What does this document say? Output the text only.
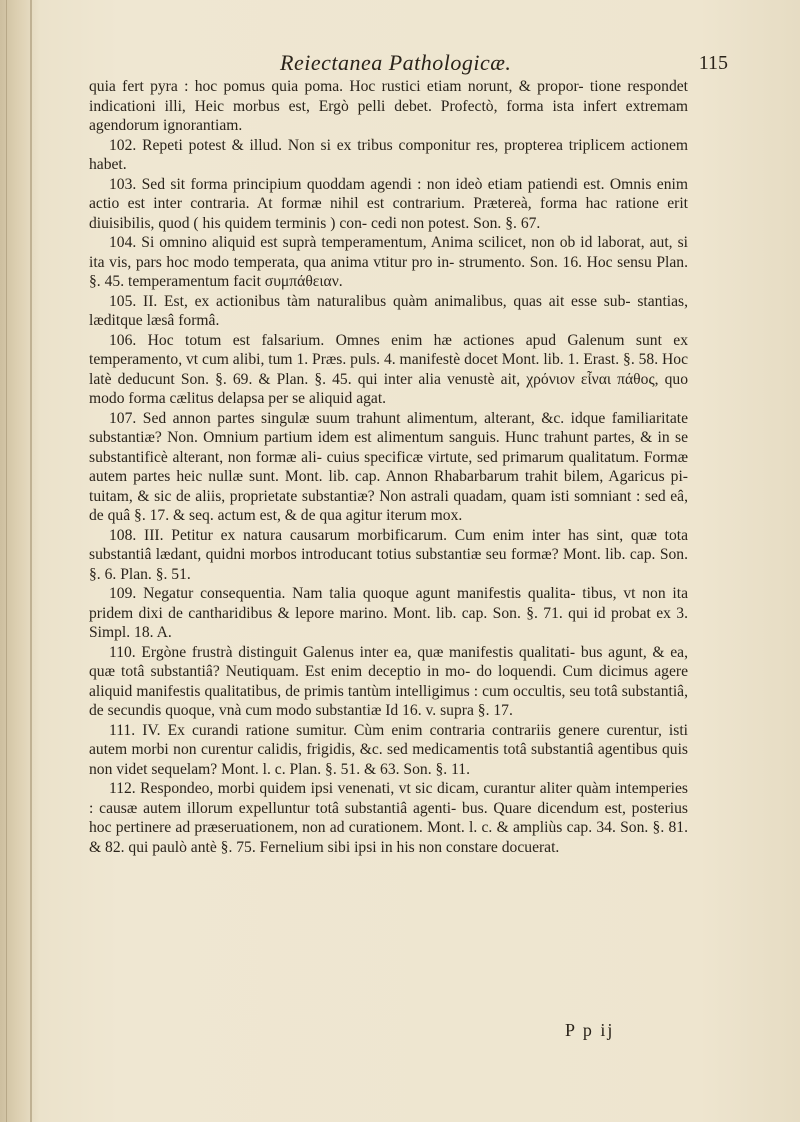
Reiectanea Pathologicæ.	115

quia fert pyra : hoc pomus quia poma. Hoc rustici etiam norunt, & propor- tione respondet indicationi illi, Heic morbus est, Ergò pelli debet. Profectò, forma ista infert extremam agendorum ignorantiam.

102. Repeti potest & illud. Non si ex tribus componitur res, propterea triplicem actionem habet.

103. Sed sit forma principium quoddam agendi : non ideò etiam patiendi est. Omnis enim actio est inter contraria. At formæ nihil est contrarium. Prætereà, forma hac ratione erit diuisibilis, quod ( his quidem terminis ) con- cedi non potest. Son. §. 67.

104. Si omnino aliquid est suprà temperamentum, Anima scilicet, non ob id laborat, aut, si ita vis, pars hoc modo temperata, qua anima vtitur pro in- strumento. Son. 16. Hoc sensu Plan. §. 45. temperamentum facit συμπάθειαν.

105. II. Est, ex actionibus tàm naturalibus quàm animalibus, quas ait esse sub- stantias, læditque læsâ formâ.

106. Hoc totum est falsarium. Omnes enim hæ actiones apud Galenum sunt ex temperamento, vt cum alibi, tum 1. Præs. puls. 4. manifestè docet Mont. lib. 1. Erast. §. 58. Hoc latè deducunt Son. §. 69. & Plan. §. 45. qui inter alia venustè ait, χρόνιον εἶναι πάθος, quo modo forma cælitus delapsa per se aliquid agat.

107. Sed annon partes singulæ suum trahunt alimentum, alterant, &c. idque familiaritate substantiæ? Non. Omnium partium idem est alimentum sanguis. Hunc trahunt partes, & in se substantificè alterant, non formæ ali- cuius specificæ virtute, sed primarum qualitatum. Formæ autem partes heic nullæ sunt. Mont. lib. cap. Annon Rhabarbarum trahit bilem, Agaricus pi- tuitam, & sic de aliis, proprietate substantiæ? Non astrali quadam, quam isti somniant : sed eâ, de quâ §. 17. & seq. actum est, & de qua agitur iterum mox.

108. III. Petitur ex natura causarum morbificarum. Cum enim inter has sint, quæ tota substantiâ lædant, quidni morbos introducant totius substantiæ seu formæ? Mont. lib. cap. Son. §. 6. Plan. §. 51.

109. Negatur consequentia. Nam talia quoque agunt manifestis qualita- tibus, vt non ita pridem dixi de cantharidibus & lepore marino. Mont. lib. cap. Son. §. 71. qui id probat ex 3. Simpl. 18. A.

110. Ergòne frustrà distinguit Galenus inter ea, quæ manifestis qualitati- bus agunt, & ea, quæ totâ substantiâ? Neutiquam. Est enim deceptio in mo- do loquendi. Cum dicimus agere aliquid manifestis qualitatibus, de primis tantùm intelligimus : cum occultis, seu totâ substantiâ, de secundis quoque, vnà cum modo substantiæ Id 16. v. supra §. 17.

111. IV. Ex curandi ratione sumitur. Cùm enim contraria contrariis genere curentur, isti autem morbi non curentur calidis, frigidis, &c. sed medicamentis totâ substantiâ agentibus quis non videt sequelam? Mont. l. c. Plan. §. 51. & 63. Son. §. 11.

112. Respondeo, morbi quidem ipsi venenati, vt sic dicam, curantur aliter quàm intemperies : causæ autem illorum expelluntur totâ substantiâ agenti- bus. Quare dicendum est, posterius hoc pertinere ad præseruationem, non ad curationem. Mont. l. c. & ampliùs cap. 34. Son. §. 81. & 82. qui paulò antè §. 75. Fernelium sibi ipsi in his non constare docuerat.

P p ij
